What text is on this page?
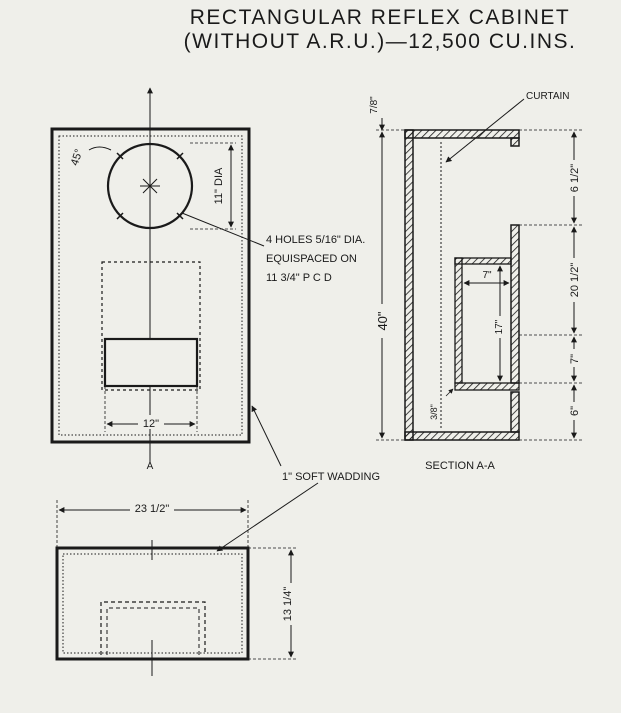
RECTANGULAR REFLEX CABINET
(WITHOUT A.R.U.)—12,500 CU.INS.
45°
11" DIA
4 HOLES 5/16" DIA.
EQUISPACED ON
11 3/4" P C D
12"
A
CURTAIN
7/8"
40"
6 1/2"
20 1/2"
7"
6"
7"
17"
3/8"
SECTION A-A
1" SOFT WADDING
23 1/2"
13 1/4"
